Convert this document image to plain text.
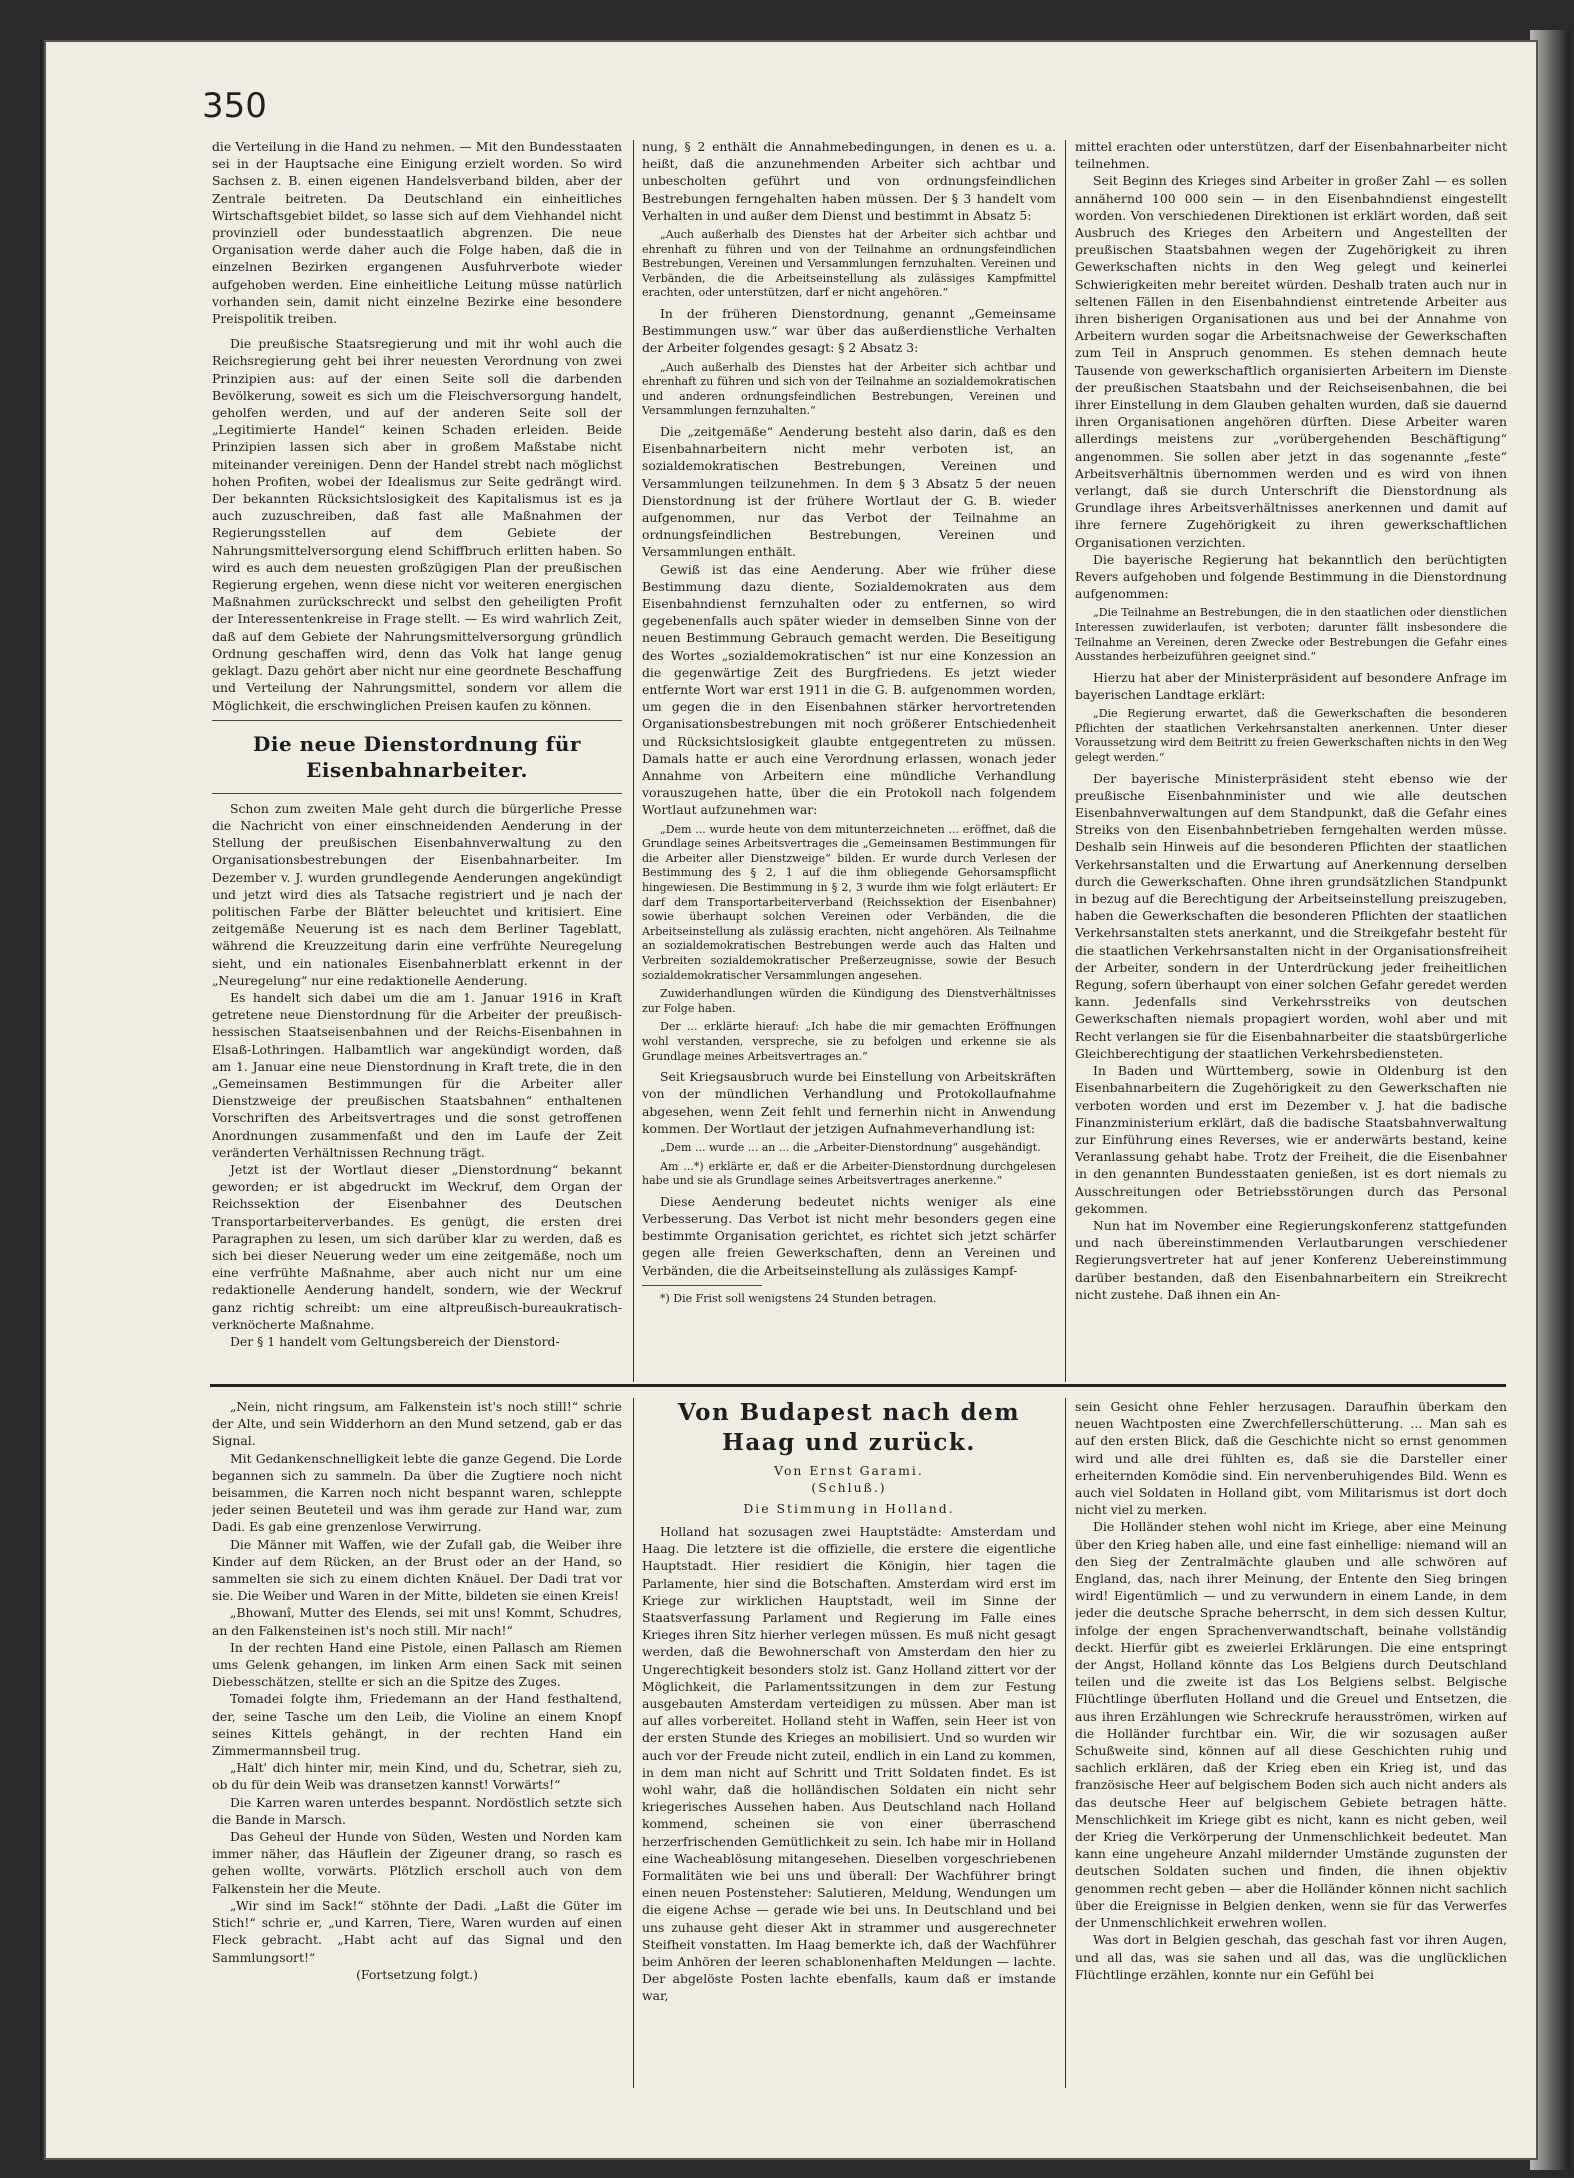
350

die Verteilung in die Hand zu nehmen. — Mit den Bundesstaaten sei in der Hauptsache eine Einigung erzielt worden. So wird Sachsen z. B. einen eigenen Handelsverband bilden, aber der Zentrale beitreten. Da Deutschland ein einheitliches Wirtschaftsgebiet bildet, so lasse sich auf dem Viehhandel nicht provinziell oder bundesstaatlich abgrenzen. Die neue Organisation werde daher auch die Folge haben, daß die in einzelnen Bezirken ergangenen Ausfuhrverbote wieder aufgehoben werden. Eine einheitliche Leitung müsse natürlich vorhanden sein, damit nicht einzelne Bezirke eine besondere Preispolitik treiben.

Die preußische Staatsregierung und mit ihr wohl auch die Reichsregierung geht bei ihrer neuesten Verordnung von zwei Prinzipien aus: auf der einen Seite soll die darbenden Bevölkerung, soweit es sich um die Fleischversorgung handelt, geholfen werden, und auf der anderen Seite soll der „Legitimierte Handel“ keinen Schaden erleiden. Beide Prinzipien lassen sich aber in großem Maßstabe nicht miteinander vereinigen. Denn der Handel strebt nach möglichst hohen Profiten, wobei der Idealismus zur Seite gedrängt wird. Der bekannten Rücksichtslosigkeit des Kapitalismus ist es ja auch zuzuschreiben, daß fast alle Maßnahmen der Regierungsstellen auf dem Gebiete der Nahrungsmittelversorgung elend Schiffbruch erlitten haben. So wird es auch dem neuesten großzügigen Plan der preußischen Regierung ergehen, wenn diese nicht vor weiteren energischen Maßnahmen zurückschreckt und selbst den geheiligten Profit der Interessentenkreise in Frage stellt. — Es wird wahrlich Zeit, daß auf dem Gebiete der Nahrungsmittelversorgung gründlich Ordnung geschaffen wird, denn das Volk hat lange genug geklagt. Dazu gehört aber nicht nur eine geordnete Beschaffung und Verteilung der Nahrungsmittel, sondern vor allem die Möglichkeit, die erschwinglichen Preisen kaufen zu können.

Die neue Dienstordnung für Eisenbahnarbeiter.

Schon zum zweiten Male geht durch die bürgerliche Presse die Nachricht von einer einschneidenden Aenderung in der Stellung der preußischen Eisenbahnverwaltung zu den Organisationsbestrebungen der Eisenbahnarbeiter. Im Dezember v. J. wurden grundlegende Aenderungen angekündigt und jetzt wird dies als Tatsache registriert und je nach der politischen Farbe der Blätter beleuchtet und kritisiert. Eine zeitgemäße Neuerung ist es nach dem Berliner Tageblatt, während die Kreuzzeitung darin eine verfrühte Neuregelung sieht, und ein nationales Eisenbahnerblatt erkennt in der „Neuregelung“ nur eine redaktionelle Aenderung.

Es handelt sich dabei um die am 1. Januar 1916 in Kraft getretene neue Dienstordnung für die Arbeiter der preußisch-hessischen Staatseisenbahnen und der Reichs-Eisenbahnen in Elsaß-Lothringen. Halbamtlich war angekündigt worden, daß am 1. Januar eine neue Dienstordnung in Kraft trete, die in den „Gemeinsamen Bestimmungen für die Arbeiter aller Dienstzweige der preußischen Staatsbahnen“ enthaltenen Vorschriften des Arbeitsvertrages und die sonst getroffenen Anordnungen zusammenfaßt und den im Laufe der Zeit veränderten Verhältnissen Rechnung trägt.

Jetzt ist der Wortlaut dieser „Dienstordnung“ bekannt geworden; er ist abgedruckt im Weckruf, dem Organ der Reichssektion der Eisenbahner des Deutschen Transportarbeiterverbandes. Es genügt, die ersten drei Paragraphen zu lesen, um sich darüber klar zu werden, daß es sich bei dieser Neuerung weder um eine zeitgemäße, noch um eine verfrühte Maßnahme, aber auch nicht nur um eine redaktionelle Aenderung handelt, sondern, wie der Weckruf ganz richtig schreibt: um eine altpreußisch-bureaukratisch-verknöcherte Maßnahme.

Der § 1 handelt vom Geltungsbereich der Dienstord-

nung, § 2 enthält die Annahmebedingungen, in denen es u. a. heißt, daß die anzunehmenden Arbeiter sich achtbar und unbescholten geführt und von ordnungsfeindlichen Bestrebungen ferngehalten haben müssen. Der § 3 handelt vom Verhalten in und außer dem Dienst und bestimmt in Absatz 5:

„Auch außerhalb des Dienstes hat der Arbeiter sich achtbar und ehrenhaft zu führen und von der Teilnahme an ordnungsfeindlichen Bestrebungen, Vereinen und Versammlungen fernzuhalten. Vereinen und Verbänden, die die Arbeitseinstellung als zulässiges Kampfmittel erachten, oder unterstützen, darf er nicht angehören.“

In der früheren Dienstordnung, genannt „Gemeinsame Bestimmungen usw.“ war über das außerdienstliche Verhalten der Arbeiter folgendes gesagt: § 2 Absatz 3:

„Auch außerhalb des Dienstes hat der Arbeiter sich achtbar und ehrenhaft zu führen und sich von der Teilnahme an sozialdemokratischen und anderen ordnungsfeindlichen Bestrebungen, Vereinen und Versammlungen fernzuhalten.“

Die „zeitgemäße“ Aenderung besteht also darin, daß es den Eisenbahnarbeitern nicht mehr verboten ist, an sozialdemokratischen Bestrebungen, Vereinen und Versammlungen teilzunehmen. In dem § 3 Absatz 5 der neuen Dienstordnung ist der frühere Wortlaut der G. B. wieder aufgenommen, nur das Verbot der Teilnahme an ordnungsfeindlichen Bestrebungen, Vereinen und Versammlungen enthält.

Gewiß ist das eine Aenderung. Aber wie früher diese Bestimmung dazu diente, Sozialdemokraten aus dem Eisenbahndienst fernzuhalten oder zu entfernen, so wird gegebenenfalls auch später wieder in demselben Sinne von der neuen Bestimmung Gebrauch gemacht werden. Die Beseitigung des Wortes „sozialdemokratischen“ ist nur eine Konzession an die gegenwärtige Zeit des Burgfriedens. Es jetzt wieder entfernte Wort war erst 1911 in die G. B. aufgenommen worden, um gegen die in den Eisenbahnen stärker hervortretenden Organisationsbestrebungen mit noch größerer Entschiedenheit und Rücksichtslosigkeit glaubte entgegentreten zu müssen. Damals hatte er auch eine Verordnung erlassen, wonach jeder Annahme von Arbeitern eine mündliche Verhandlung vorauszugehen hatte, über die ein Protokoll nach folgendem Wortlaut aufzunehmen war:

„Dem ... wurde heute von dem mitunterzeichneten ... eröffnet, daß die Grundlage seines Arbeitsvertrages die „Gemeinsamen Bestimmungen für die Arbeiter aller Dienstzweige“ bilden. Er wurde durch Verlesen der Bestimmung des § 2, 1 auf die ihm obliegende Gehorsamspflicht hingewiesen. Die Bestimmung in § 2, 3 wurde ihm wie folgt erläutert: Er darf dem Transportarbeiterverband (Reichssektion der Eisenbahner) sowie überhaupt solchen Vereinen oder Verbänden, die die Arbeitseinstellung als zulässig erachten, nicht angehören. Als Teilnahme an sozialdemokratischen Bestrebungen werde auch das Halten und Verbreiten sozialdemokratischer Preßerzeugnisse, sowie der Besuch sozialdemokratischer Versammlungen angesehen.

Zuwiderhandlungen würden die Kündigung des Dienstverhältnisses zur Folge haben.

Der ... erklärte hierauf: „Ich habe die mir gemachten Eröffnungen wohl verstanden, verspreche, sie zu befolgen und erkenne sie als Grundlage meines Arbeitsvertrages an.“

Seit Kriegsausbruch wurde bei Einstellung von Arbeitskräften von der mündlichen Verhandlung und Protokollaufnahme abgesehen, wenn Zeit fehlt und fernerhin nicht in Anwendung kommen. Der Wortlaut der jetzigen Aufnahmeverhandlung ist:

„Dem ... wurde ... an ... die „Arbeiter-Dienstordnung“ ausgehändigt.

Am ...*) erklärte er, daß er die Arbeiter-Dienstordnung durchgelesen habe und sie als Grundlage seines Arbeitsvertrages anerkenne.“

Diese Aenderung bedeutet nichts weniger als eine Verbesserung. Das Verbot ist nicht mehr besonders gegen eine bestimmte Organisation gerichtet, es richtet sich jetzt schärfer gegen alle freien Gewerkschaften, denn an Vereinen und Verbänden, die die Arbeitseinstellung als zulässiges Kampf-

*) Die Frist soll wenigstens 24 Stunden betragen.

mittel erachten oder unterstützen, darf der Eisenbahnarbeiter nicht teilnehmen.

Seit Beginn des Krieges sind Arbeiter in großer Zahl — es sollen annähernd 100 000 sein — in den Eisenbahndienst eingestellt worden. Von verschiedenen Direktionen ist erklärt worden, daß seit Ausbruch des Krieges den Arbeitern und Angestellten der preußischen Staatsbahnen wegen der Zugehörigkeit zu ihren Gewerkschaften nichts in den Weg gelegt und keinerlei Schwierigkeiten mehr bereitet würden. Deshalb traten auch nur in seltenen Fällen in den Eisenbahndienst eintretende Arbeiter aus ihren bisherigen Organisationen aus und bei der Annahme von Arbeitern wurden sogar die Arbeitsnachweise der Gewerkschaften zum Teil in Anspruch genommen. Es stehen demnach heute Tausende von gewerkschaftlich organisierten Arbeitern im Dienste der preußischen Staatsbahn und der Reichseisenbahnen, die bei ihrer Einstellung in dem Glauben gehalten wurden, daß sie dauernd ihren Organisationen angehören dürften. Diese Arbeiter waren allerdings meistens zur „vorübergehenden Beschäftigung“ angenommen. Sie sollen aber jetzt in das sogenannte „feste“ Arbeitsverhältnis übernommen werden und es wird von ihnen verlangt, daß sie durch Unterschrift die Dienstordnung als Grundlage ihres Arbeitsverhältnisses anerkennen und damit auf ihre fernere Zugehörigkeit zu ihren gewerkschaftlichen Organisationen verzichten.

Die bayerische Regierung hat bekanntlich den berüchtigten Revers aufgehoben und folgende Bestimmung in die Dienstordnung aufgenommen:

„Die Teilnahme an Bestrebungen, die in den staatlichen oder dienstlichen Interessen zuwiderlaufen, ist verboten; darunter fällt insbesondere die Teilnahme an Vereinen, deren Zwecke oder Bestrebungen die Gefahr eines Ausstandes herbeizuführen geeignet sind.“

Hierzu hat aber der Ministerpräsident auf besondere Anfrage im bayerischen Landtage erklärt:

„Die Regierung erwartet, daß die Gewerkschaften die besonderen Pflichten der staatlichen Verkehrsanstalten anerkennen. Unter dieser Voraussetzung wird dem Beitritt zu freien Gewerkschaften nichts in den Weg gelegt werden.“

Der bayerische Ministerpräsident steht ebenso wie der preußische Eisenbahnminister und wie alle deutschen Eisenbahnverwaltungen auf dem Standpunkt, daß die Gefahr eines Streiks von den Eisenbahnbetrieben ferngehalten werden müsse. Deshalb sein Hinweis auf die besonderen Pflichten der staatlichen Verkehrsanstalten und die Erwartung auf Anerkennung derselben durch die Gewerkschaften. Ohne ihren grundsätzlichen Standpunkt in bezug auf die Berechtigung der Arbeitseinstellung preiszugeben, haben die Gewerkschaften die besonderen Pflichten der staatlichen Verkehrsanstalten stets anerkannt, und die Streikgefahr besteht für die staatlichen Verkehrsanstalten nicht in der Organisationsfreiheit der Arbeiter, sondern in der Unterdrückung jeder freiheitlichen Regung, sofern überhaupt von einer solchen Gefahr geredet werden kann. Jedenfalls sind Verkehrsstreiks von deutschen Gewerkschaften niemals propagiert worden, wohl aber und mit Recht verlangen sie für die Eisenbahnarbeiter die staatsbürgerliche Gleichberechtigung der staatlichen Verkehrsbediensteten.

In Baden und Württemberg, sowie in Oldenburg ist den Eisenbahnarbeitern die Zugehörigkeit zu den Gewerkschaften nie verboten worden und erst im Dezember v. J. hat die badische Finanzministerium erklärt, daß die badische Staatsbahnverwaltung zur Einführung eines Reverses, wie er anderwärts bestand, keine Veranlassung gehabt habe. Trotz der Freiheit, die die Eisenbahner in den genannten Bundesstaaten genießen, ist es dort niemals zu Ausschreitungen oder Betriebsstörungen durch das Personal gekommen.

Nun hat im November eine Regierungskonferenz stattgefunden und nach übereinstimmenden Verlautbarungen verschiedener Regierungsvertreter hat auf jener Konferenz Uebereinstimmung darüber bestanden, daß den Eisenbahnarbeitern ein Streikrecht nicht zustehe. Daß ihnen ein An-

„Nein, nicht ringsum, am Falkenstein ist's noch still!“ schrie der Alte, und sein Widderhorn an den Mund setzend, gab er das Signal.

Mit Gedankenschnelligkeit lebte die ganze Gegend. Die Lorde begannen sich zu sammeln. Da über die Zugtiere noch nicht beisammen, die Karren noch nicht bespannt waren, schleppte jeder seinen Beuteteil und was ihm gerade zur Hand war, zum Dadi. Es gab eine grenzenlose Verwirrung.

Die Männer mit Waffen, wie der Zufall gab, die Weiber ihre Kinder auf dem Rücken, an der Brust oder an der Hand, so sammelten sie sich zu einem dichten Knäuel. Der Dadi trat vor sie. Die Weiber und Waren in der Mitte, bildeten sie einen Kreis!

„Bhowanî, Mutter des Elends, sei mit uns! Kommt, Schudres, an den Falkensteinen ist's noch still. Mir nach!“

In der rechten Hand eine Pistole, einen Pallasch am Riemen ums Gelenk gehangen, im linken Arm einen Sack mit seinen Diebesschätzen, stellte er sich an die Spitze des Zuges.

Tomadei folgte ihm, Friedemann an der Hand festhaltend, der, seine Tasche um den Leib, die Violine an einem Knopf seines Kittels gehängt, in der rechten Hand ein Zimmermannsbeil trug.

„Halt' dich hinter mir, mein Kind, und du, Schetrar, sieh zu, ob du für dein Weib was dransetzen kannst! Vorwärts!“

Die Karren waren unterdes bespannt. Nordöstlich setzte sich die Bande in Marsch.

Das Geheul der Hunde von Süden, Westen und Norden kam immer näher, das Häuflein der Zigeuner drang, so rasch es gehen wollte, vorwärts. Plötzlich erscholl auch von dem Falkenstein her die Meute.

„Wir sind im Sack!“ stöhnte der Dadi. „Laßt die Güter im Stich!“ schrie er, „und Karren, Tiere, Waren wurden auf einen Fleck gebracht. „Habt acht auf das Signal und den Sammlungsort!“

(Fortsetzung folgt.)

Von Budapest nach dem Haag und zurück.
Von Ernst Garami.
(Schluß.)
Die Stimmung in Holland.

Holland hat sozusagen zwei Hauptstädte: Amsterdam und Haag. Die letztere ist die offizielle, die erstere die eigentliche Hauptstadt. Hier residiert die Königin, hier tagen die Parlamente, hier sind die Botschaften. Amsterdam wird erst im Kriege zur wirklichen Hauptstadt, weil im Sinne der Staatsverfassung Parlament und Regierung im Falle eines Krieges ihren Sitz hierher verlegen müssen. Es muß nicht gesagt werden, daß die Bewohnerschaft von Amsterdam den hier zu Ungerechtigkeit besonders stolz ist. Ganz Holland zittert vor der Möglichkeit, die Parlamentssitzungen in dem zur Festung ausgebauten Amsterdam verteidigen zu müssen. Aber man ist auf alles vorbereitet. Holland steht in Waffen, sein Heer ist von der ersten Stunde des Krieges an mobilisiert. Und so wurden wir auch vor der Freude nicht zuteil, endlich in ein Land zu kommen, in dem man nicht auf Schritt und Tritt Soldaten findet. Es ist wohl wahr, daß die holländischen Soldaten ein nicht sehr kriegerisches Aussehen haben. Aus Deutschland nach Holland kommend, scheinen sie von einer überraschend herzerfrischenden Gemütlichkeit zu sein. Ich habe mir in Holland eine Wacheablösung mitangesehen. Dieselben vorgeschriebenen Formalitäten wie bei uns und überall: Der Wachführer bringt einen neuen Postensteher: Salutieren, Meldung, Wendungen um die eigene Achse — gerade wie bei uns. In Deutschland und bei uns zuhause geht dieser Akt in strammer und ausgerechneter Steifheit vonstatten. Im Haag bemerkte ich, daß der Wachführer beim Anhören der leeren schablonenhaften Meldungen — lachte. Der abgelöste Posten lachte ebenfalls, kaum daß er imstande war,

sein Gesicht ohne Fehler herzusagen. Daraufhin überkam den neuen Wachtposten eine Zwerchfellerschütterung. ... Man sah es auf den ersten Blick, daß die Geschichte nicht so ernst genommen wird und alle drei fühlten es, daß sie die Darsteller einer erheiternden Komödie sind. Ein nervenberuhigendes Bild. Wenn es auch viel Soldaten in Holland gibt, vom Militarismus ist dort doch nicht viel zu merken.

Die Holländer stehen wohl nicht im Kriege, aber eine Meinung über den Krieg haben alle, und eine fast einhellige: niemand will an den Sieg der Zentralmächte glauben und alle schwören auf England, das, nach ihrer Meinung, der Entente den Sieg bringen wird! Eigentümlich — und zu verwundern in einem Lande, in dem jeder die deutsche Sprache beherrscht, in dem sich dessen Kultur, infolge der engen Sprachenverwandtschaft, beinahe vollständig deckt. Hierfür gibt es zweierlei Erklärungen. Die eine entspringt der Angst, Holland könnte das Los Belgiens durch Deutschland teilen und die zweite ist das Los Belgiens selbst. Belgische Flüchtlinge überfluten Holland und die Greuel und Entsetzen, die aus ihren Erzählungen wie Schreckrufe herausströmen, wirken auf die Holländer furchtbar ein. Wir, die wir sozusagen außer Schußweite sind, können auf all diese Geschichten ruhig und sachlich erklären, daß der Krieg eben ein Krieg ist, und das französische Heer auf belgischem Boden sich auch nicht anders als das deutsche Heer auf belgischem Gebiete betragen hätte. Menschlichkeit im Kriege gibt es nicht, kann es nicht geben, weil der Krieg die Verkörperung der Unmenschlichkeit bedeutet. Man kann eine ungeheure Anzahl mildernder Umstände zugunsten der deutschen Soldaten suchen und finden, die ihnen objektiv genommen recht geben — aber die Holländer können nicht sachlich über die Ereignisse in Belgien denken, wenn sie für das Verwerfes der Unmenschlichkeit erwehren wollen.

Was dort in Belgien geschah, das geschah fast vor ihren Augen, und all das, was sie sahen und all das, was die unglücklichen Flüchtlinge erzählen, konnte nur ein Gefühl bei
